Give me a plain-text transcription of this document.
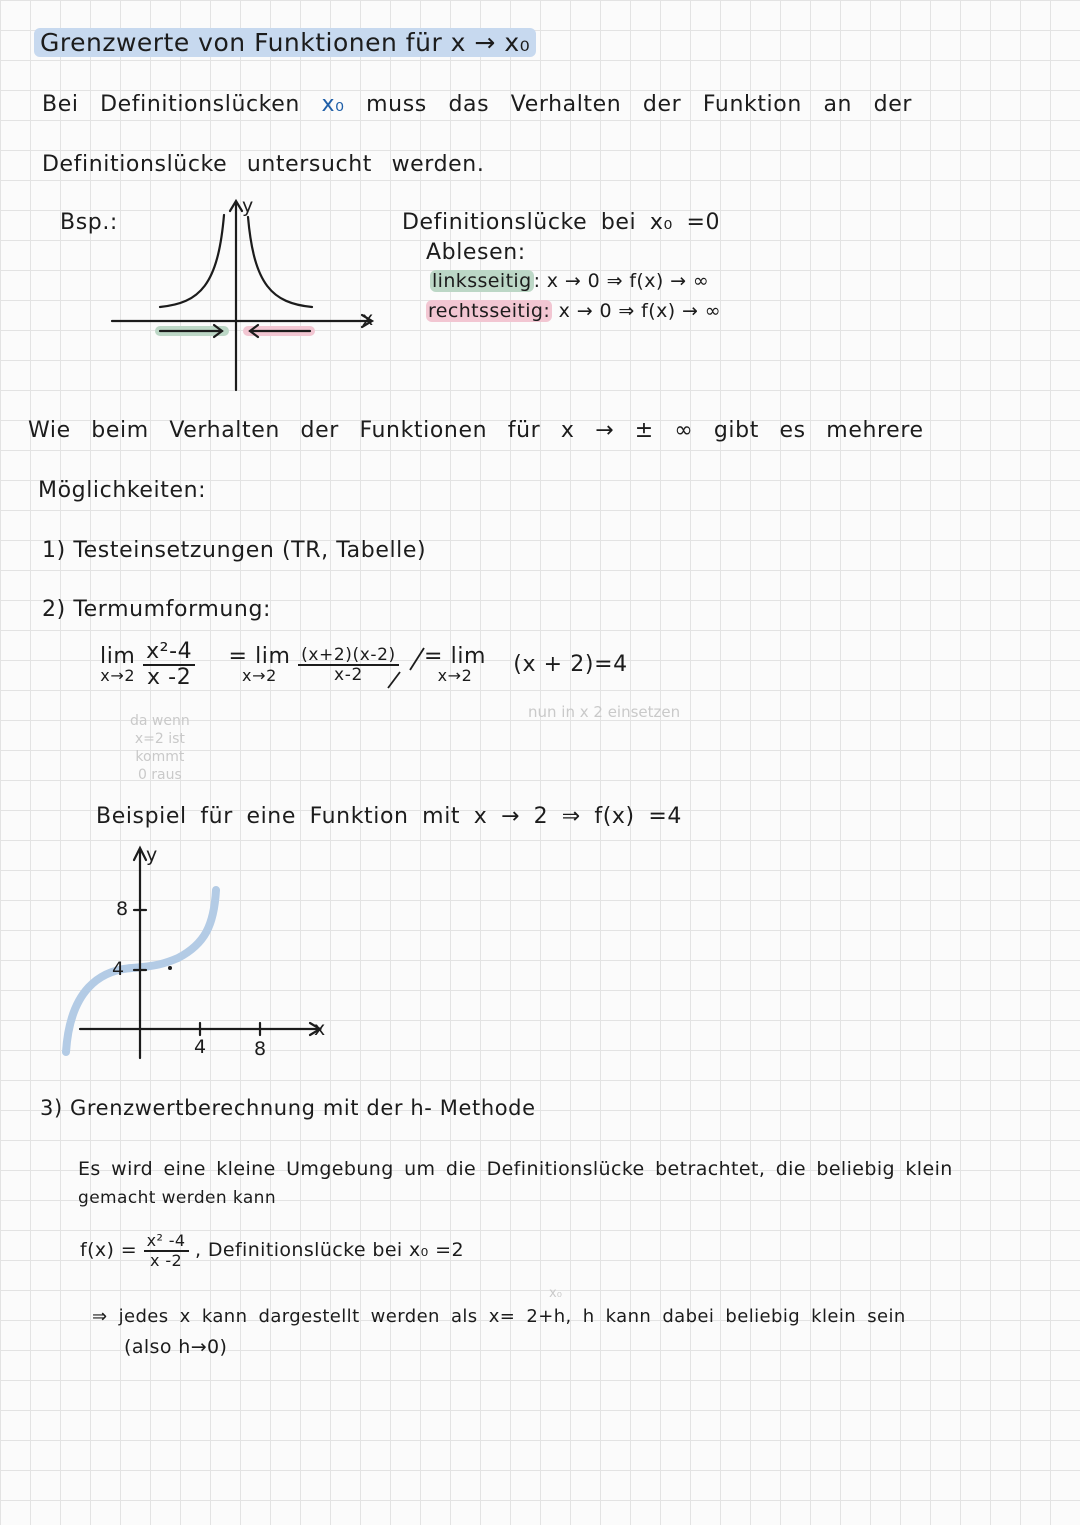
Grenzwerte von Funktionen für x → x₀
Bei Definitionslücken x₀ muss das Verhalten der Funktion an der
Definitionslücke untersucht werden.
Bsp.:
y
x
Definitionslücke bei x₀ =0
Ablesen:
linksseitig : x → 0 ⇒ f(x) → ∞
rechtsseitig: x → 0 ⇒ f(x) → ∞
Wie beim Verhalten der Funktionen für x → ± ∞ gibt es mehrere
Möglichkeiten:
1) Testeinsetzungen (TR, Tabelle)
2) Termumformung:
lim
x→2
$\frac{\text{x²-4}}{x -2} = \lim$
x→2
	$\frac{(x+2)(x-2)}{x-2} = \lim$
x→2	(x + 2)=4
nun in x 2 einsetzen
da wenn
x=2 ist
kommt
0 raus
Beispiel für eine Funktion mit x → 2 ⇒ f(x) =4
y
x
8
4
4	8
3) Grenzwertberechnung mit der h- Methode
Es wird eine kleine Umgebung um die Definitionslücke betrachtet, die beliebig klein
gemacht werden kann
$f(x) = \frac{\text{x² -4}}{x -2}$ , Definitionslücke bei x₀ =2
x₀
⇒ jedes x kann dargestellt werden als x= 2+h, h kann dabei beliebig klein sein
(also h→0)
